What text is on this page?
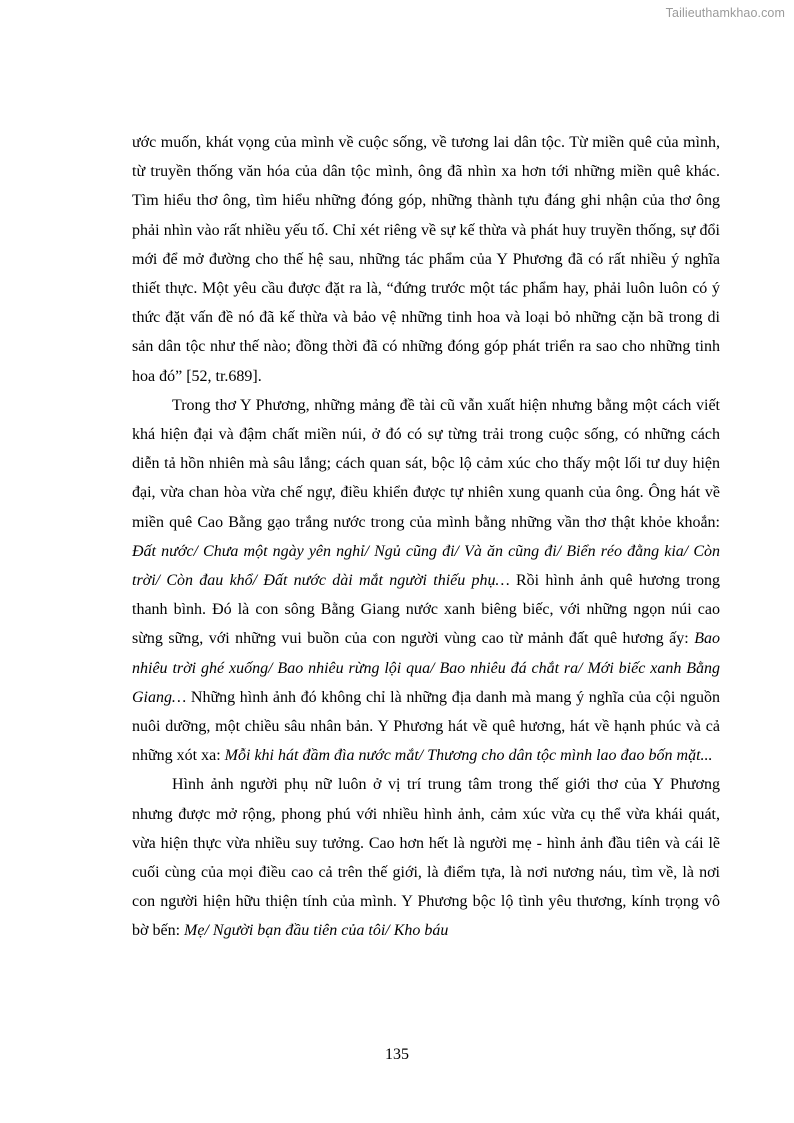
Tailieuthamkhao.com

ước muốn, khát vọng của mình về cuộc sống, về tương lai dân tộc. Từ miền quê của mình, từ truyền thống văn hóa của dân tộc mình, ông đã nhìn xa hơn tới những miền quê khác. Tìm hiểu thơ ông, tìm hiểu những đóng góp, những thành tựu đáng ghi nhận của thơ ông phải nhìn vào rất nhiều yếu tố. Chỉ xét riêng về sự kế thừa và phát huy truyền thống, sự đổi mới để mở đường cho thế hệ sau, những tác phẩm của Y Phương đã có rất nhiều ý nghĩa thiết thực. Một yêu cầu được đặt ra là, “đứng trước một tác phẩm hay, phải luôn luôn có ý thức đặt vấn đề nó đã kế thừa và bảo vệ những tinh hoa và loại bỏ những cặn bã trong di sản dân tộc như thế nào; đồng thời đã có những đóng góp phát triển ra sao cho những tinh hoa đó” [52, tr.689].

Trong thơ Y Phương, những mảng đề tài cũ vẫn xuất hiện nhưng bằng một cách viết khá hiện đại và đậm chất miền núi, ở đó có sự từng trải trong cuộc sống, có những cách diễn tả hồn nhiên mà sâu lắng; cách quan sát, bộc lộ cảm xúc cho thấy một lối tư duy hiện đại, vừa chan hòa vừa chế ngự, điều khiển được tự nhiên xung quanh của ông. Ông hát về miền quê Cao Bằng gạo trắng nước trong của mình bằng những vần thơ thật khỏe khoắn: Đất nước/ Chưa một ngày yên nghỉ/ Ngủ cũng đi/ Và ăn cũng đi/ Biển réo đằng kia/ Còn trời/ Còn đau khổ/ Đất nước dài mắt người thiếu phụ… Rồi hình ảnh quê hương trong thanh bình. Đó là con sông Bằng Giang nước xanh biêng biếc, với những ngọn núi cao sừng sững, với những vui buồn của con người vùng cao từ mảnh đất quê hương ấy: Bao nhiêu trời ghé xuống/ Bao nhiêu rừng lội qua/ Bao nhiêu đá chắt ra/ Mới biếc xanh Bằng Giang… Những hình ảnh đó không chỉ là những địa danh mà mang ý nghĩa của cội nguồn nuôi dưỡng, một chiều sâu nhân bản. Y Phương hát về quê hương, hát về hạnh phúc và cả những xót xa: Mỗi khi hát đầm đìa nước mắt/ Thương cho dân tộc mình lao đao bốn mặt...

Hình ảnh người phụ nữ luôn ở vị trí trung tâm trong thế giới thơ của Y Phương nhưng được mở rộng, phong phú với nhiều hình ảnh, cảm xúc vừa cụ thể vừa khái quát, vừa hiện thực vừa nhiều suy tưởng. Cao hơn hết là người mẹ - hình ảnh đầu tiên và cái lẽ cuối cùng của mọi điều cao cả trên thế giới, là điểm tựa, là nơi nương náu, tìm về, là nơi con người hiện hữu thiện tính của mình. Y Phương bộc lộ tình yêu thương, kính trọng vô bờ bến: Mẹ/ Người bạn đầu tiên của tôi/ Kho báu

135
